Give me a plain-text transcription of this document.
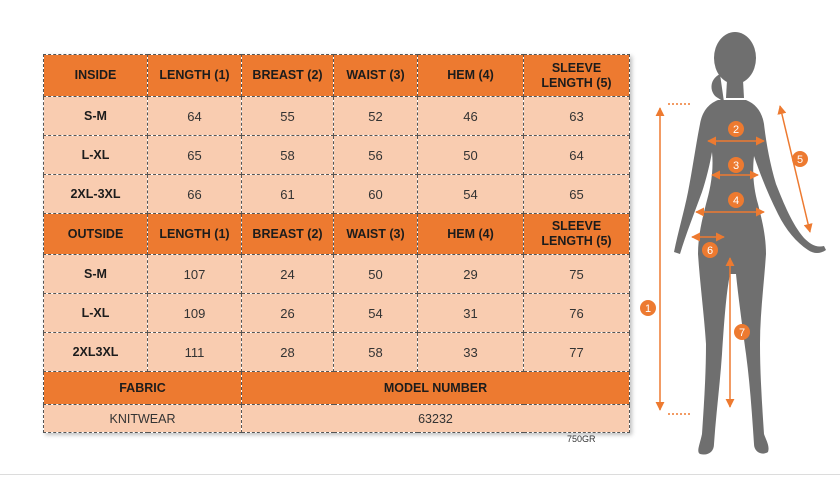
INSIDE	LENGTH (1)	BREAST (2)	WAIST (3)	HEM (4)	SLEEVE
LENGTH (5)
S-M	64	55	52	46	63
L-XL	65	58	56	50	64
2XL-3XL	66	61	60	54	65
OUTSIDE	LENGTH (1)	BREAST (2)	WAIST (3)	HEM (4)	SLEEVE
LENGTH (5)
S-M	107	24	50	29	75
L-XL	109	26	54	31	76
2XL3XL	111	28	58	33	77
FABRIC		MODEL NUMBER			
KNITWEAR		63232			
750GR
1
2
3
4
5
6
7
